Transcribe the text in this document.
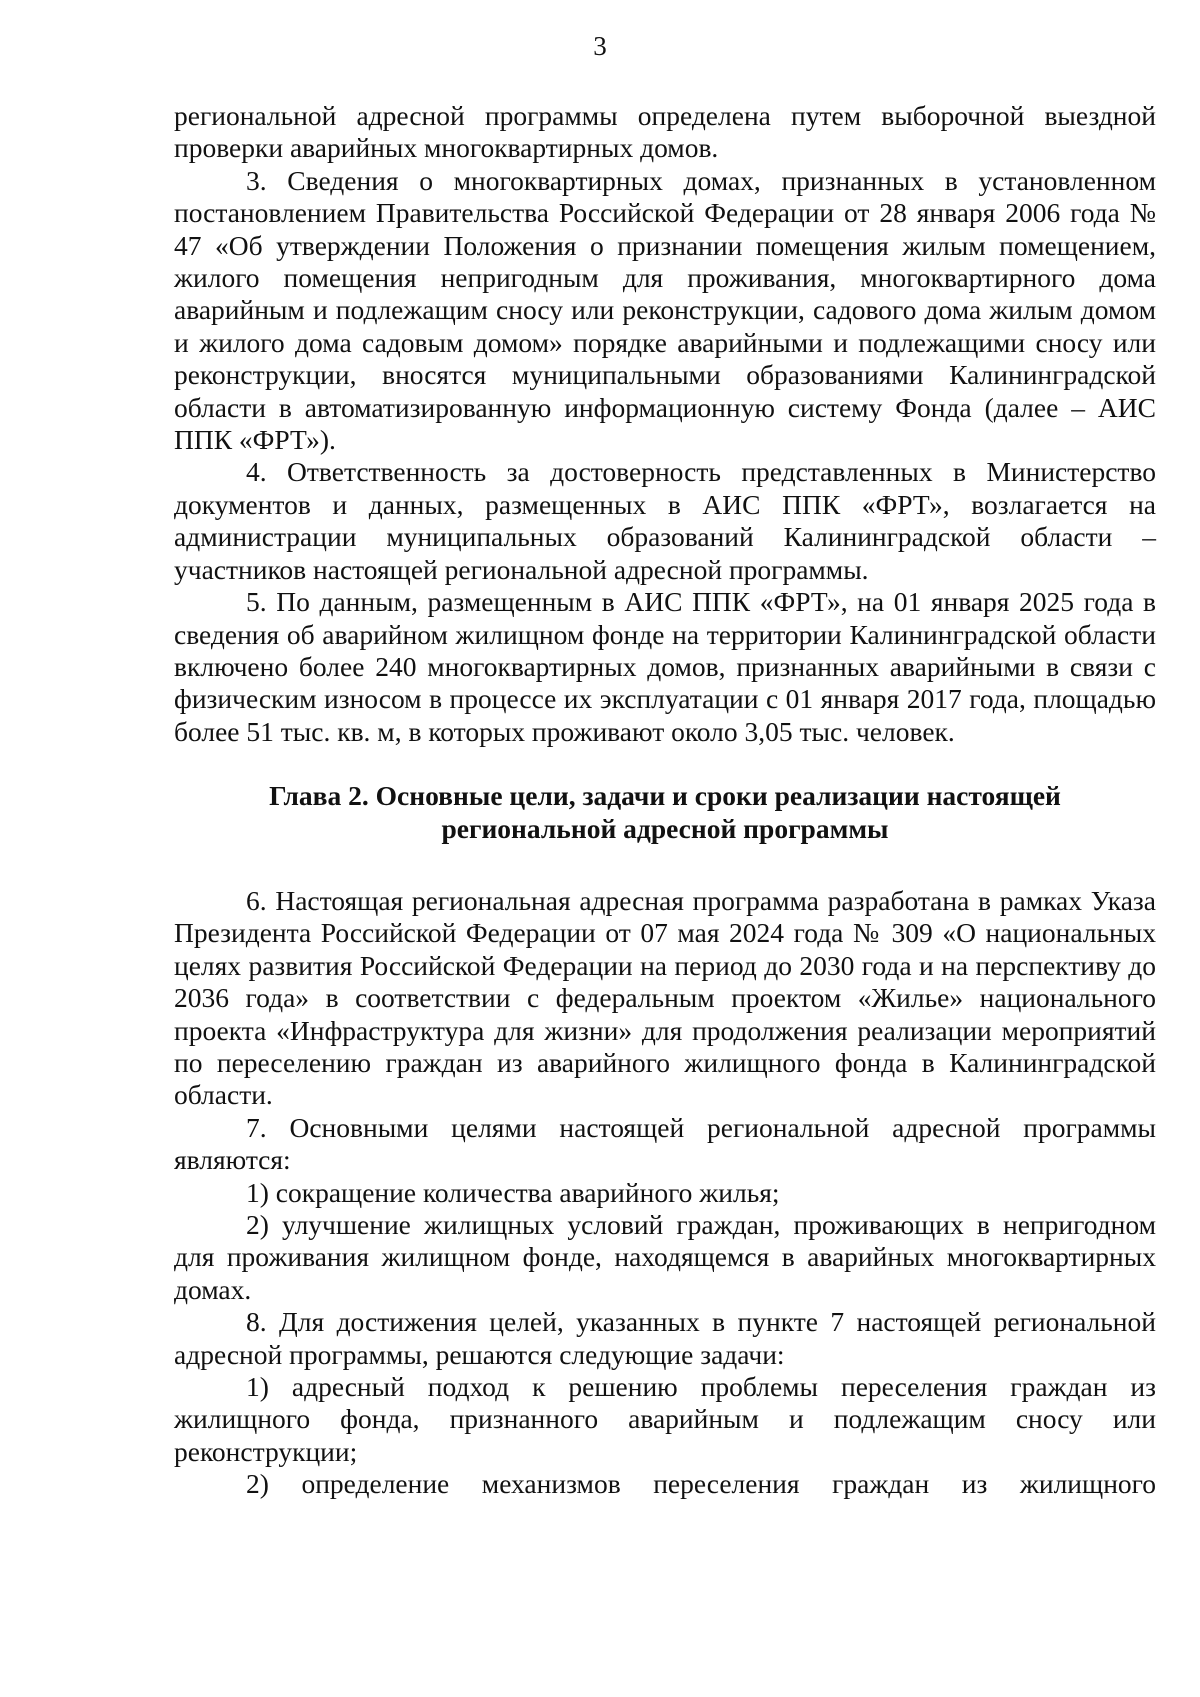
3

региональной адресной программы определена путем выборочной выездной проверки аварийных многоквартирных домов.

3. Сведения о многоквартирных домах, признанных в установленном постановлением Правительства Российской Федерации от 28 января 2006 года № 47 «Об утверждении Положения о признании помещения жилым помещением, жилого помещения непригодным для проживания, многоквартирного дома аварийным и подлежащим сносу или реконструкции, садового дома жилым домом и жилого дома садовым домом» порядке аварийными и подлежащими сносу или реконструкции, вносятся муниципальными образованиями Калининградской области в автоматизированную информационную систему Фонда (далее – АИС ППК «ФРТ»).

4. Ответственность за достоверность представленных в Министерство документов и данных, размещенных в АИС ППК «ФРТ», возлагается на администрации муниципальных образований Калининградской области – участников настоящей региональной адресной программы.

5. По данным, размещенным в АИС ППК «ФРТ», на 01 января 2025 года в сведения об аварийном жилищном фонде на территории Калининградской области включено более 240 многоквартирных домов, признанных аварийными в связи с физическим износом в процессе их эксплуатации с 01 января 2017 года, площадью более 51 тыс. кв. м, в которых проживают около 3,05 тыс. человек.

Глава 2. Основные цели, задачи и сроки реализации настоящей
региональной адресной программы

6. Настоящая региональная адресная программа разработана в рамках Указа Президента Российской Федерации от 07 мая 2024 года № 309 «О национальных целях развития Российской Федерации на период до 2030 года и на перспективу до 2036 года» в соответствии с федеральным проектом «Жилье» национального проекта «Инфраструктура для жизни» для продолжения реализации мероприятий по переселению граждан из аварийного жилищного фонда в Калининградской области.

7. Основными целями настоящей региональной адресной программы являются:

1) сокращение количества аварийного жилья;

2) улучшение жилищных условий граждан, проживающих в непригодном для проживания жилищном фонде, находящемся в аварийных многоквартирных домах.

8. Для достижения целей, указанных в пункте 7 настоящей региональной адресной программы, решаются следующие задачи:

1) адресный подход к решению проблемы переселения граждан из жилищного фонда, признанного аварийным и подлежащим сносу или реконструкции;

2) определение механизмов переселения граждан из жилищного
